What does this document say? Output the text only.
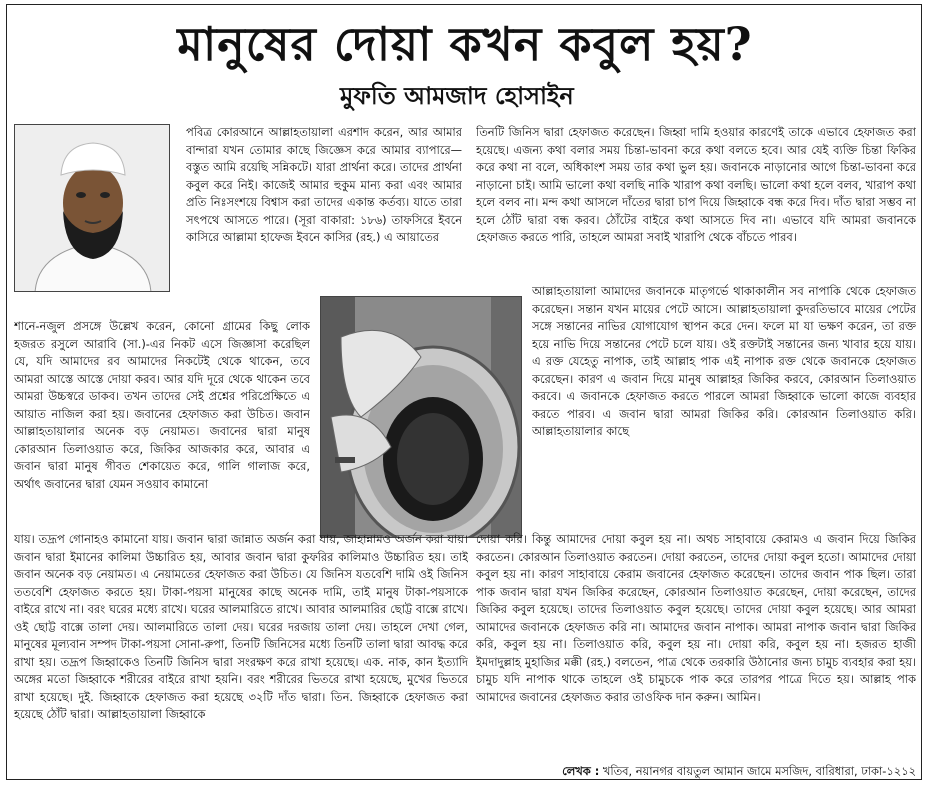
মানুষের দোয়া কখন কবুল হয়?
মুফতি আমজাদ হোসাইন

পবিত্র কোরআনে আল্লাহতায়ালা এরশাদ করেন, আর আমার বান্দারা যখন তোমার কাছে জিজ্ঞেস করে আমার ব্যাপারে— বস্তুত আমি রয়েছি সন্নিকটে। যারা প্রার্থনা করে। তাদের প্রার্থনা কবুল করে নিই। কাজেই আমার হুকুম মান্য করা এবং আমার প্রতি নিঃসংশয়ে বিশ্বাস করা তাদের একান্ত কর্তব্য। যাতে তারা সৎপথে আসতে পারে। (সূরা বাকারা: ১৮৬) তাফসিরে ইবনে কাসিরে আল্লামা হাফেজ ইবনে কাসির (রহ.) এ আয়াতের

শানে-নজুল প্রসঙ্গে উল্লেখ করেন, কোনো গ্রামের কিছু লোক হজরত রসুলে আরাবি (সা.)-এর নিকট এসে জিজ্ঞাসা করেছিল যে, যদি আমাদের রব আমাদের নিকটেই থেকে থাকেন, তবে আমরা আস্তে আস্তে দোয়া করব। আর যদি দূরে থেকে থাকেন তবে আমরা উচ্চস্বরে ডাকব। তখন তাদের সেই প্রশ্নের পরিপ্রেক্ষিতে এ আয়াত নাজিল করা হয়। জবানের হেফাজত করা উচিত। জবান আল্লাহতায়ালার অনেক বড় নেয়ামত। জবানের দ্বারা মানুষ কোরআন তিলাওয়াত করে, জিকির আজকার করে, আবার এ জবান দ্বারা মানুষ গীবত শেকায়েত করে, গালি গালাজ করে, অর্থাৎ জবানের দ্বারা যেমন সওয়াব কামানো

যায়। তদ্রূপ গোনাহও কামানো যায়। জবান দ্বারা জান্নাত অর্জন করা যায়, জাহান্নামও অর্জন করা যায়। জবান দ্বারা ইমানের কালিমা উচ্চারিত হয়, আবার জবান দ্বারা কুফরির কালিমাও উচ্চারিত হয়। তাই জবান অনেক বড় নেয়ামত। এ নেয়ামতের হেফাজত করা উচিত। যে জিনিস যতবেশি দামি ওই জিনিস ততবেশি হেফাজত করতে হয়। টাকা-পয়সা মানুষের কাছে অনেক দামি, তাই মানুষ টাকা-পয়সাকে বাইরে রাখে না। বরং ঘরের মধ্যে রাখে। ঘরের আলমারিতে রাখে। আবার আলমারির ছোট্ট বাক্সে রাখে। ওই ছোট্ট বাক্সে তালা দেয়। আলমারিতে তালা দেয়। ঘরের দরজায় তালা দেয়। তাহলে দেখা গেল, মানুষের মূল্যবান সম্পদ টাকা-পয়সা সোনা-রুপা, তিনটি জিনিসের মধ্যে তিনটি তালা দ্বারা আবদ্ধ করে রাখা হয়। তদ্রূপ জিহ্বাকেও তিনটি জিনিস দ্বারা সংরক্ষণ করে রাখা হয়েছে। এক. নাক, কান ইত্যাদি অঙ্গের মতো জিহ্বাকে শরীরের বাইরে রাখা হয়নি। বরং শরীরের ভিতরে রাখা হয়েছে, মুখের ভিতরে রাখা হয়েছে। দুই. জিহ্বাকে হেফাজত করা হয়েছে ৩২টি দাঁত দ্বারা। তিন. জিহ্বাকে হেফাজত করা হয়েছে ঠোঁট দ্বারা। আল্লাহতায়ালা জিহ্বাকে

তিনটি জিনিস দ্বারা হেফাজত করেছেন। জিহ্বা দামি হওয়ার কারণেই তাকে এভাবে হেফাজত করা হয়েছে। এজন্য কথা বলার সময় চিন্তা-ভাবনা করে কথা বলতে হবে। আর যেই ব্যক্তি চিন্তা ফিকির করে কথা না বলে, অধিকাংশ সময় তার কথা ভুল হয়। জবানকে নাড়ানোর আগে চিন্তা-ভাবনা করে নাড়ানো চাই। আমি ভালো কথা বলছি নাকি খারাপ কথা বলছি। ভালো কথা হলে বলব, খারাপ কথা হলে বলব না। মন্দ কথা আসলে দাঁতের দ্বারা চাপ দিয়ে জিহ্বাকে বন্ধ করে দিব। দাঁত দ্বারা সম্ভব না হলে ঠোঁট দ্বারা বন্ধ করব। ঠোঁটের বাইরে কথা আসতে দিব না। এভাবে যদি আমরা জবানকে হেফাজত করতে পারি, তাহলে আমরা সবাই খারাপি থেকে বাঁচতে পারব।

আল্লাহতায়ালা আমাদের জবানকে মাতৃগর্ভে থাকাকালীন সব নাপাকি থেকে হেফাজত করেছেন। সন্তান যখন মায়ের পেটে আসে। আল্লাহতায়ালা কুদরতিভাবে মায়ের পেটের সঙ্গে সন্তানের নাভির যোগাযোগ স্থাপন করে দেন। ফলে মা যা ভক্ষণ করেন, তা রক্ত হয়ে নাভি দিয়ে সন্তানের পেটে চলে যায়। ওই রক্তটাই সন্তানের জন্য খাবার হয়ে যায়। এ রক্ত যেহেতু নাপাক, তাই আল্লাহ পাক এই নাপাক রক্ত থেকে জবানকে হেফাজত করেছেন। কারণ এ জবান দিয়ে মানুষ আল্লাহর জিকির করবে, কোরআন তিলাওয়াত করবে। এ জবানকে হেফাজত করতে পারলে আমরা জিহ্বাকে ভালো কাজে ব্যবহার করতে পারব। এ জবান দ্বারা আমরা জিকির করি। কোরআন তিলাওয়াত করি। আল্লাহতায়ালার কাছে

দোয়া করি। কিন্তু আমাদের দোয়া কবুল হয় না। অথচ সাহাবায়ে কেরামও এ জবান দিয়ে জিকির করতেন। কোরআন তিলাওয়াত করতেন। দোয়া করতেন, তাদের দোয়া কবুল হতো। আমাদের দোয়া কবুল হয় না। কারণ সাহাবায়ে কেরাম জবানের হেফাজত করেছেন। তাদের জবান পাক ছিল। তারা পাক জবান দ্বারা যখন জিকির করেছেন, কোরআন তিলাওয়াত করেছেন, দোয়া করেছেন, তাদের জিকির কবুল হয়েছে। তাদের তিলাওয়াত কবুল হয়েছে। তাদের দোয়া কবুল হয়েছে। আর আমরা আমাদের জবানকে হেফাজত করি না। আমাদের জবান নাপাক। আমরা নাপাক জবান দ্বারা জিকির করি, কবুল হয় না। তিলাওয়াত করি, কবুল হয় না। দোয়া করি, কবুল হয় না। হজরত হাজী ইমদাদুল্লাহ মুহাজির মক্কী (রহ.) বলতেন, পাত্র থেকে তরকারি উঠানোর জন্য চামুচ ব্যবহার করা হয়। চামুচ যদি নাপাক থাকে তাহলে ওই চামুচকে পাক করে তারপর পাত্রে দিতে হয়। আল্লাহ পাক আমাদের জবানের হেফাজত করার তাওফিক দান করুন। আমিন।

লেখক : খতিব, নয়ানগর বায়তুল আমান জামে মসজিদ, বারিধারা, ঢাকা-১২১২
